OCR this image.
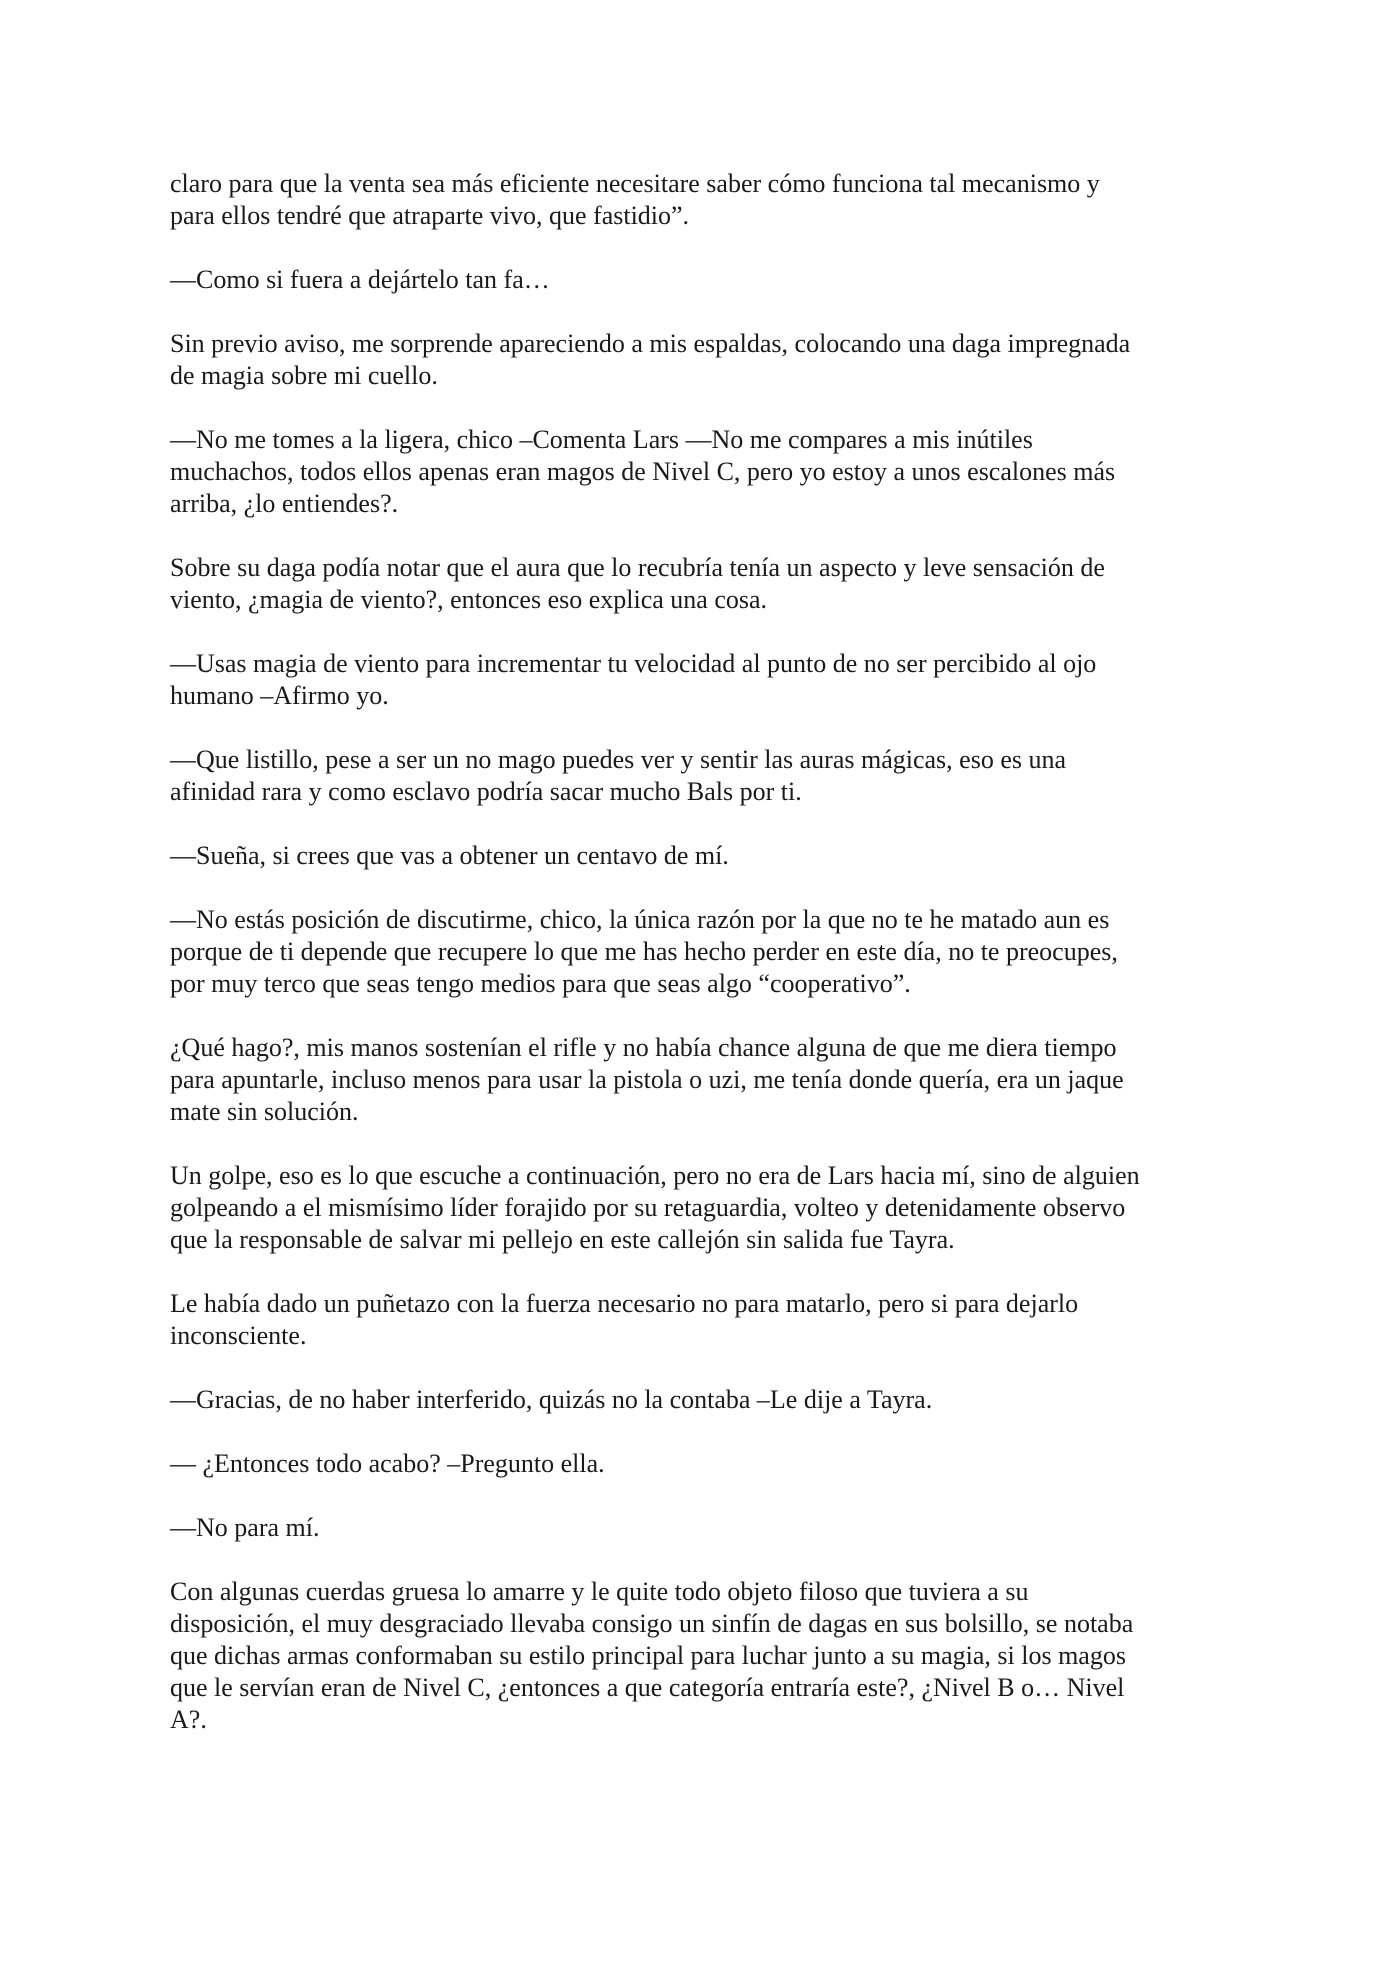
claro para que la venta sea más eficiente necesitare saber cómo funciona tal mecanismo y
para ellos tendré que atraparte vivo, que fastidio”.

—Como si fuera a dejártelo tan fa…

Sin previo aviso, me sorprende apareciendo a mis espaldas, colocando una daga impregnada
de magia sobre mi cuello.

—No me tomes a la ligera, chico –Comenta Lars —No me compares a mis inútiles
muchachos, todos ellos apenas eran magos de Nivel C, pero yo estoy a unos escalones más
arriba, ¿lo entiendes?.

Sobre su daga podía notar que el aura que lo recubría tenía un aspecto y leve sensación de
viento, ¿magia de viento?, entonces eso explica una cosa.

—Usas magia de viento para incrementar tu velocidad al punto de no ser percibido al ojo
humano –Afirmo yo.

—Que listillo, pese a ser un no mago puedes ver y sentir las auras mágicas, eso es una
afinidad rara y como esclavo podría sacar mucho Bals por ti.

—Sueña, si crees que vas a obtener un centavo de mí.

—No estás posición de discutirme, chico, la única razón por la que no te he matado aun es
porque de ti depende que recupere lo que me has hecho perder en este día, no te preocupes,
por muy terco que seas tengo medios para que seas algo “cooperativo”.

¿Qué hago?, mis manos sostenían el rifle y no había chance alguna de que me diera tiempo
para apuntarle, incluso menos para usar la pistola o uzi, me tenía donde quería, era un jaque
mate sin solución.

Un golpe, eso es lo que escuche a continuación, pero no era de Lars hacia mí, sino de alguien
golpeando a el mismísimo líder forajido por su retaguardia, volteo y detenidamente observo
que la responsable de salvar mi pellejo en este callejón sin salida fue Tayra.

Le había dado un puñetazo con la fuerza necesario no para matarlo, pero si para dejarlo
inconsciente.

—Gracias, de no haber interferido, quizás no la contaba –Le dije a Tayra.

— ¿Entonces todo acabo? –Pregunto ella.

—No para mí.

Con algunas cuerdas gruesa lo amarre y le quite todo objeto filoso que tuviera a su
disposición, el muy desgraciado llevaba consigo un sinfín de dagas en sus bolsillo, se notaba
que dichas armas conformaban su estilo principal para luchar junto a su magia, si los magos
que le servían eran de Nivel C, ¿entonces a que categoría entraría este?, ¿Nivel B o… Nivel
A?.
